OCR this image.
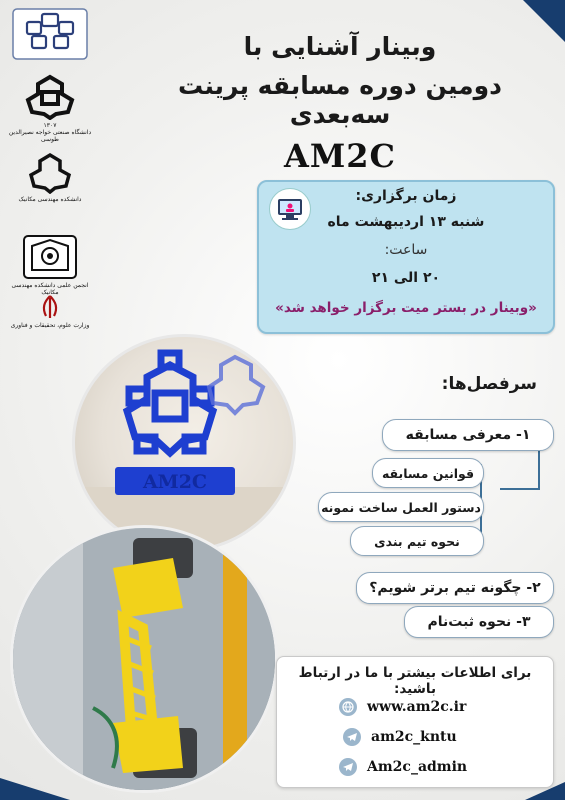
۱۳۰۷
دانشگاه صنعتی خواجه نصیرالدین طوسی
دانشکده مهندسی مکانیک
انجمن علمی دانشکده مهندسی مکانیک
وزارت علوم، تحقیقات و فناوری
وبینار آشنایی با
دومین دوره مسابقه پرینت سه‌بعدی
AM2C
زمان برگزاری:
شنبه ۱۳ اردیبهشت ماه
ساعت:
۲۰ الی ۲۱
«وبینار در بستر میت برگزار خواهد شد»
AM2C
سرفصل‌ها:
۱- معرفی مسابقه
قوانین مسابقه
دستور العمل ساخت نمونه
نحوه تیم بندی
۲- چگونه تیم برتر شویم؟
۳- نحوه ثبت‌نام
برای اطلاعات بیشتر با ما در ارتباط باشید:
www.am2c.ir
am2c_kntu
Am2c_admin
